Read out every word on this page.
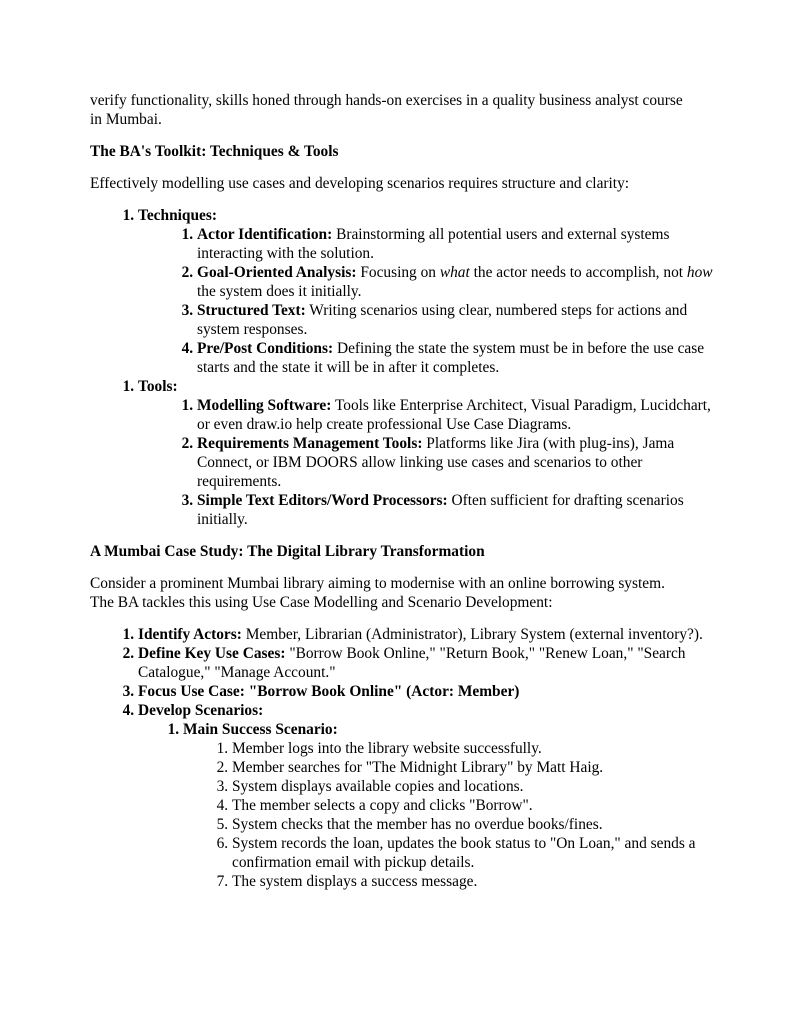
verify functionality, skills honed through hands-on exercises in a quality business analyst course
in Mumbai.

The BA's Toolkit: Techniques & Tools

Effectively modelling use cases and developing scenarios requires structure and clarity:

1. Techniques:
1. Actor Identification: Brainstorming all potential users and external systems interacting with the solution.
2. Goal-Oriented Analysis: Focusing on what the actor needs to accomplish, not how the system does it initially.
3. Structured Text: Writing scenarios using clear, numbered steps for actions and system responses.
4. Pre/Post Conditions: Defining the state the system must be in before the use case starts and the state it will be in after it completes.
1. Tools:
1. Modelling Software: Tools like Enterprise Architect, Visual Paradigm, Lucidchart, or even draw.io help create professional Use Case Diagrams.
2. Requirements Management Tools: Platforms like Jira (with plug-ins), Jama Connect, or IBM DOORS allow linking use cases and scenarios to other requirements.
3. Simple Text Editors/Word Processors: Often sufficient for drafting scenarios initially.
A Mumbai Case Study: The Digital Library Transformation

Consider a prominent Mumbai library aiming to modernise with an online borrowing system.
The BA tackles this using Use Case Modelling and Scenario Development:

1. Identify Actors: Member, Librarian (Administrator), Library System (external inventory?).
2. Define Key Use Cases: "Borrow Book Online," "Return Book," "Renew Loan," "Search Catalogue," "Manage Account."
3. Focus Use Case: "Borrow Book Online" (Actor: Member)
4. Develop Scenarios:
1. Main Success Scenario:
1. Member logs into the library website successfully.
2. Member searches for "The Midnight Library" by Matt Haig.
3. System displays available copies and locations.
4. The member selects a copy and clicks "Borrow".
5. System checks that the member has no overdue books/fines.
6. System records the loan, updates the book status to "On Loan," and sends a confirmation email with pickup details.
7. The system displays a success message.
